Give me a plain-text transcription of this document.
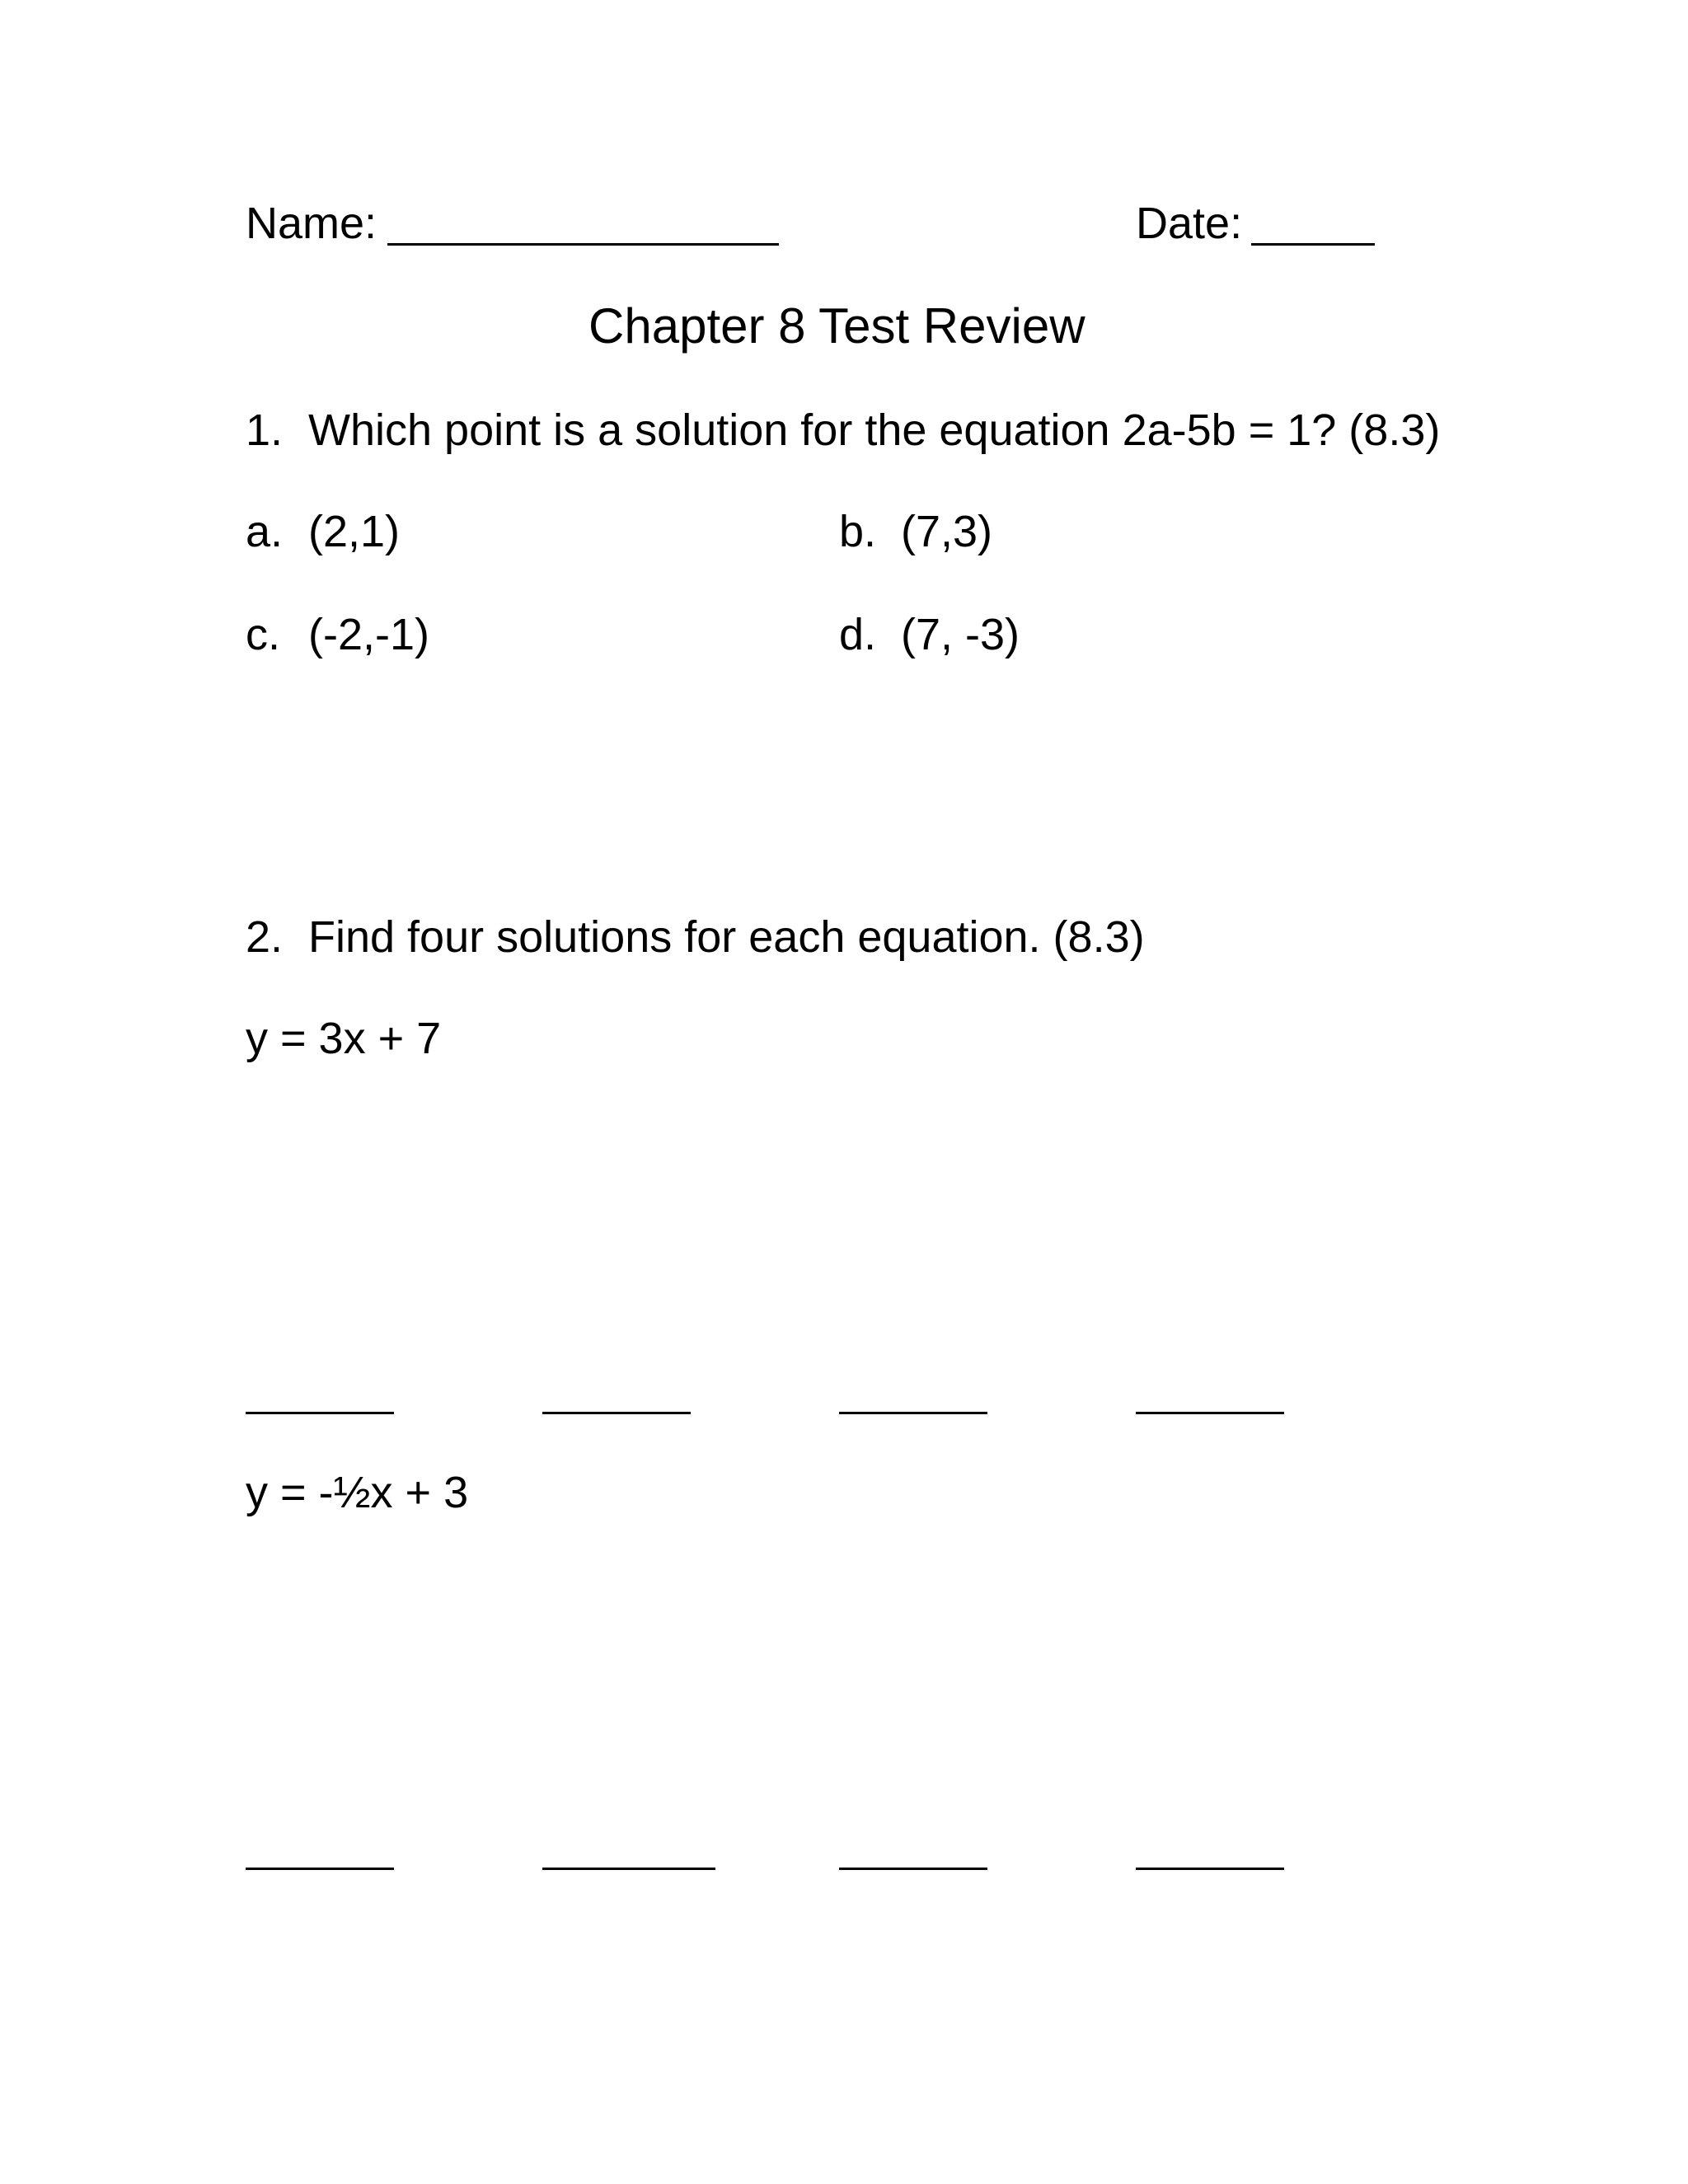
Name:	Date:
Chapter 8 Test Review
1. Which point is a solution for the equation 2a-5b = 1? (8.3)
a. (2,1)	b. (7,3)
c. (-2,-1)	d. (7, -3)
2. Find four solutions for each equation. (8.3)
y = 3x + 7
y = -½x + 3
